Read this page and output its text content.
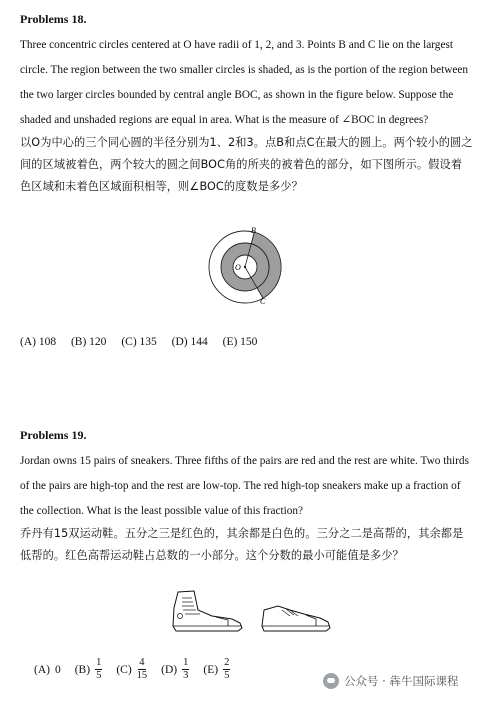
Problems 18.
Three concentric circles centered at O have radii of 1, 2, and 3. Points B and C lie on the largest
circle. The region between the two smaller circles is shaded, as is the portion of the region between
the two larger circles bounded by central angle BOC, as shown in the figure below. Suppose the
shaded and unshaded regions are equal in area. What is the measure of ∠BOC in degrees?
以O为中心的三个同心圆的半径分别为1、2和3。点B和点C在最大的圆上。两个较小的圆之
间的区域被着色，两个较大的圆之间BOC角的所夹的被着色的部分，如下图所示。假设着
色区域和未着色区域面积相等，则∠BOC的度数是多少？
B
C
O
(A) 108 (B) 120 (C) 135 (D) 144 (E) 150
Problems 19.
Jordan owns 15 pairs of sneakers. Three fifths of the pairs are red and the rest are white. Two thirds
of the pairs are high-top and the rest are low-top. The red high-top sneakers make up a fraction of
the collection. What is the least possible value of this fraction?
乔丹有15双运动鞋。五分之三是红色的，其余都是白色的。三分之二是高帮的，其余都是
低帮的。红色高帮运动鞋占总数的一小部分。这个分数的最小可能值是多少？
(A) 0 $(B) \frac{1}{5} (C) \frac{4}{15} (D) \frac{1}{3} (E) \frac{2}{5}$	公众号 · 犇牛国际课程
